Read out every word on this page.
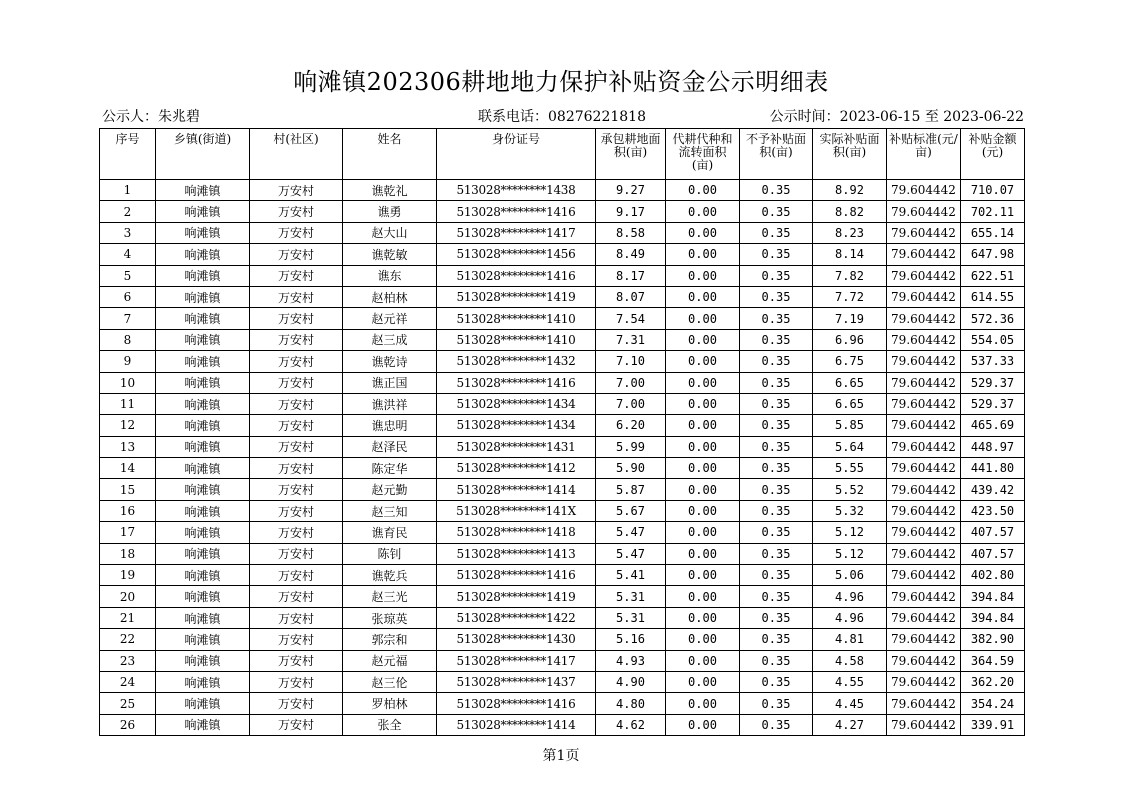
响滩镇202306耕地地力保护补贴资金公示明细表
公示人：朱兆碧	联系电话：08276221818	公示时间：2023-06-15 至 2023-06-22
序号	乡镇(街道)	村(社区)	姓名	身份证号	承包耕地面积(亩)	代耕代种和流转面积(亩)	不予补贴面积(亩)	实际补贴面积(亩)	补贴标准(元/亩)	补贴金额(元)
1	响滩镇	万安村	谯乾礼	513028********1438	9.27	0.00	0.35	8.92	79.604442	710.07
2	响滩镇	万安村	谯勇	513028********1416	9.17	0.00	0.35	8.82	79.604442	702.11
3	响滩镇	万安村	赵大山	513028********1417	8.58	0.00	0.35	8.23	79.604442	655.14
4	响滩镇	万安村	谯乾敏	513028********1456	8.49	0.00	0.35	8.14	79.604442	647.98
5	响滩镇	万安村	谯东	513028********1416	8.17	0.00	0.35	7.82	79.604442	622.51
6	响滩镇	万安村	赵柏林	513028********1419	8.07	0.00	0.35	7.72	79.604442	614.55
7	响滩镇	万安村	赵元祥	513028********1410	7.54	0.00	0.35	7.19	79.604442	572.36
8	响滩镇	万安村	赵三成	513028********1410	7.31	0.00	0.35	6.96	79.604442	554.05
9	响滩镇	万安村	谯乾诗	513028********1432	7.10	0.00	0.35	6.75	79.604442	537.33
10	响滩镇	万安村	谯正国	513028********1416	7.00	0.00	0.35	6.65	79.604442	529.37
11	响滩镇	万安村	谯洪祥	513028********1434	7.00	0.00	0.35	6.65	79.604442	529.37
12	响滩镇	万安村	谯忠明	513028********1434	6.20	0.00	0.35	5.85	79.604442	465.69
13	响滩镇	万安村	赵泽民	513028********1431	5.99	0.00	0.35	5.64	79.604442	448.97
14	响滩镇	万安村	陈定华	513028********1412	5.90	0.00	0.35	5.55	79.604442	441.80
15	响滩镇	万安村	赵元勤	513028********1414	5.87	0.00	0.35	5.52	79.604442	439.42
16	响滩镇	万安村	赵三知	513028********141X	5.67	0.00	0.35	5.32	79.604442	423.50
17	响滩镇	万安村	谯育民	513028********1418	5.47	0.00	0.35	5.12	79.604442	407.57
18	响滩镇	万安村	陈钊	513028********1413	5.47	0.00	0.35	5.12	79.604442	407.57
19	响滩镇	万安村	谯乾兵	513028********1416	5.41	0.00	0.35	5.06	79.604442	402.80
20	响滩镇	万安村	赵三光	513028********1419	5.31	0.00	0.35	4.96	79.604442	394.84
21	响滩镇	万安村	张琼英	513028********1422	5.31	0.00	0.35	4.96	79.604442	394.84
22	响滩镇	万安村	郭宗和	513028********1430	5.16	0.00	0.35	4.81	79.604442	382.90
23	响滩镇	万安村	赵元福	513028********1417	4.93	0.00	0.35	4.58	79.604442	364.59
24	响滩镇	万安村	赵三伦	513028********1437	4.90	0.00	0.35	4.55	79.604442	362.20
25	响滩镇	万安村	罗柏林	513028********1416	4.80	0.00	0.35	4.45	79.604442	354.24
26	响滩镇	万安村	张全	513028********1414	4.62	0.00	0.35	4.27	79.604442	339.91
第1页
